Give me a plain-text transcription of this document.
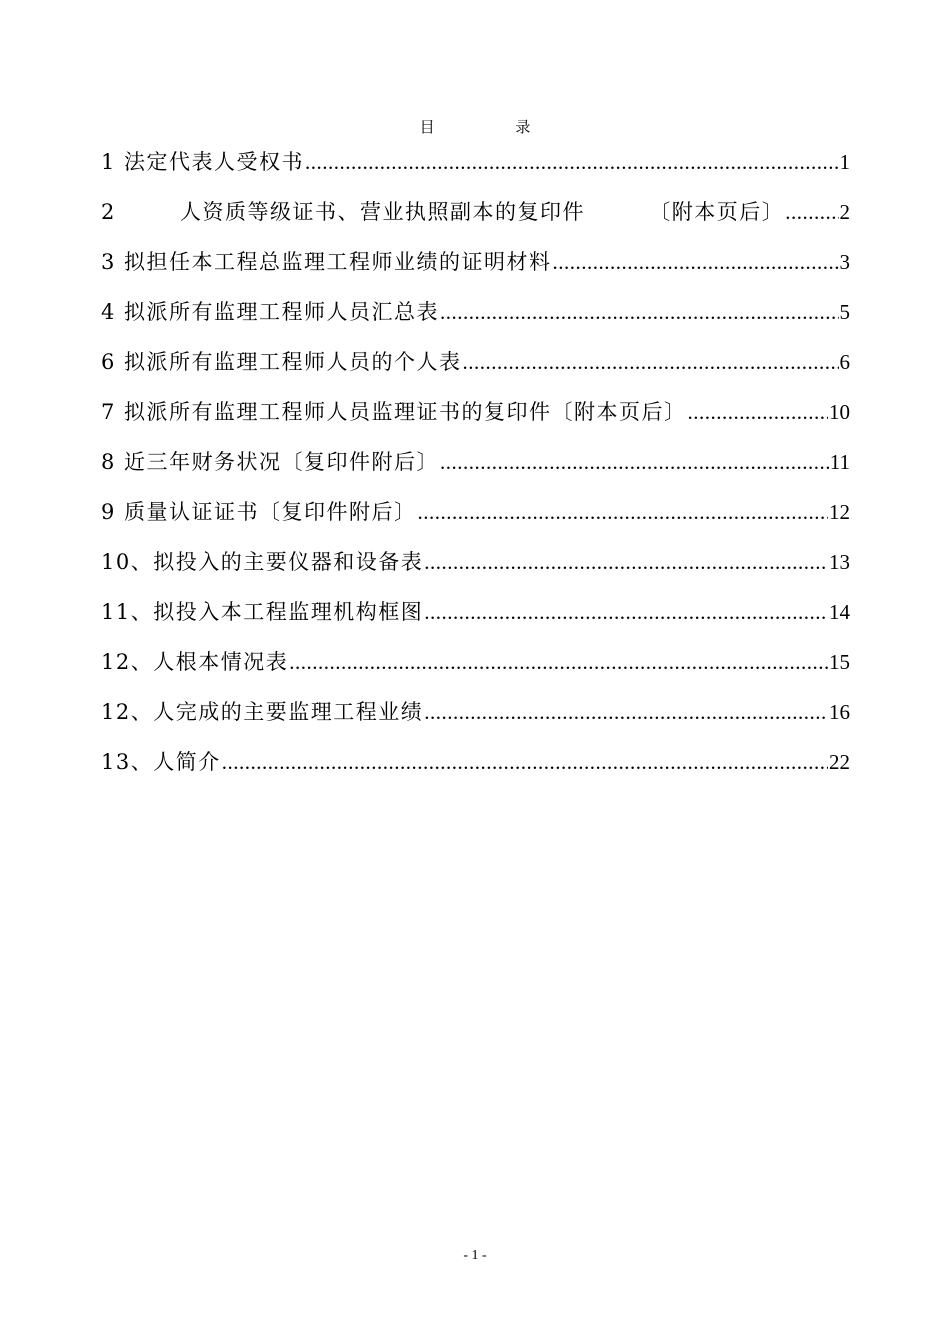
目 录
1 法定代表人受权书 .....	1
2 人资质等级证书、营业执照副本的复印件 〔附本页后〕 .....	2
3 拟担任本工程总监理工程师业绩的证明材料 .....	3
4 拟派所有监理工程师人员汇总表 .....	5
6 拟派所有监理工程师人员的个人表 .....	6
7 拟派所有监理工程师人员监理证书的复印件〔附本页后〕 .....	10
8 近三年财务状况〔复印件附后〕 .....	11
9 质量认证证书〔复印件附后〕 .....	12
10、拟投入的主要仪器和设备表 .....	13
11、拟投入本工程监理机构框图 .....	14
12、人根本情况表 .....	15
12、人完成的主要监理工程业绩 .....	16
13、人简介 .....	22
- 1 -
